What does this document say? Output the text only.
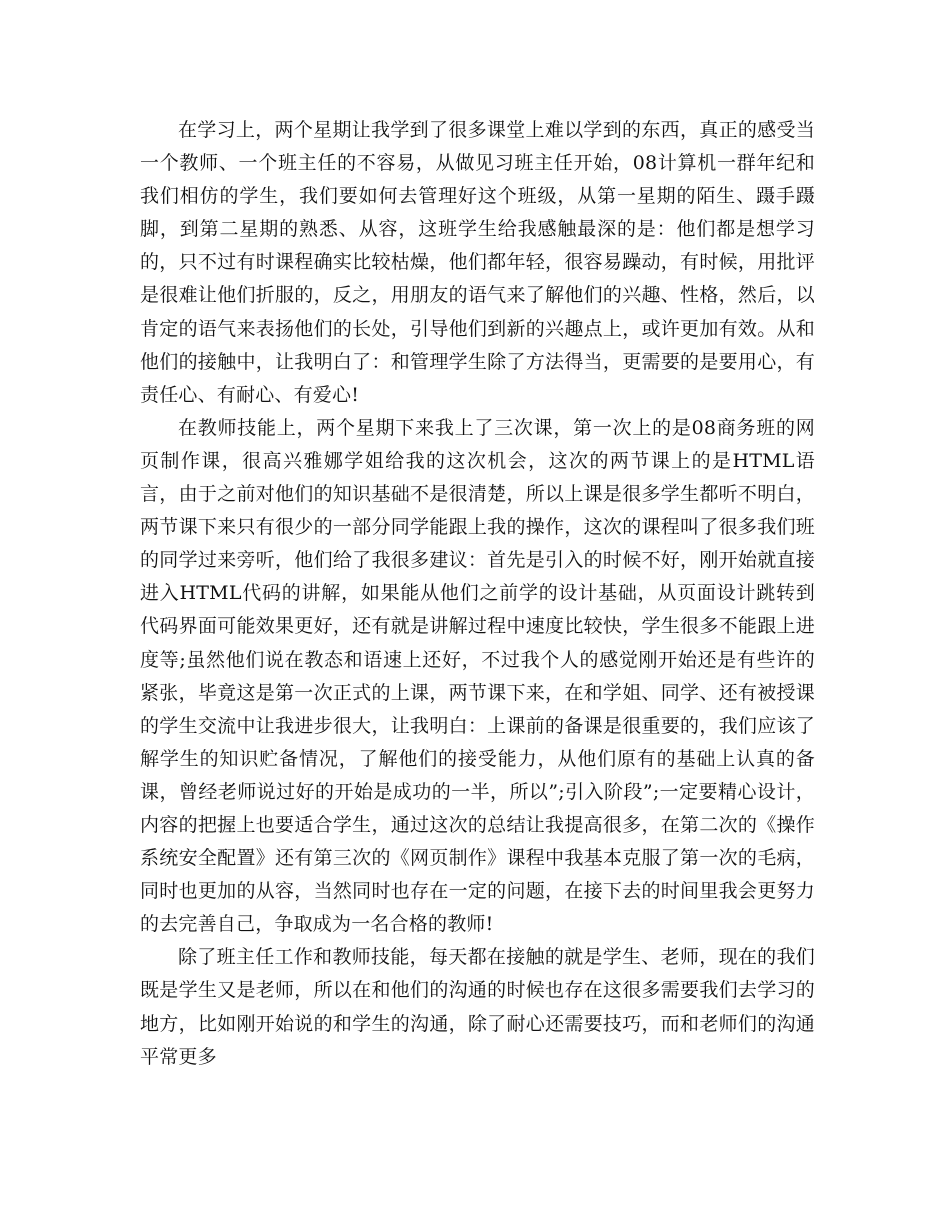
在学习上，两个星期让我学到了很多课堂上难以学到的东西，真正的感受当一个教师、一个班主任的不容易，从做见习班主任开始，08计算机一群年纪和我们相仿的学生，我们要如何去管理好这个班级，从第一星期的陌生、蹑手蹑脚，到第二星期的熟悉、从容，这班学生给我感触最深的是：他们都是想学习的，只不过有时课程确实比较枯燥，他们都年轻，很容易躁动，有时候，用批评是很难让他们折服的，反之，用朋友的语气来了解他们的兴趣、性格，然后，以肯定的语气来表扬他们的长处，引导他们到新的兴趣点上，或许更加有效。从和他们的接触中，让我明白了：和管理学生除了方法得当，更需要的是要用心，有责任心、有耐心、有爱心!

在教师技能上，两个星期下来我上了三次课，第一次上的是08商务班的网页制作课，很高兴雅娜学姐给我的这次机会，这次的两节课上的是HTML语言，由于之前对他们的知识基础不是很清楚，所以上课是很多学生都听不明白，两节课下来只有很少的一部分同学能跟上我的操作，这次的课程叫了很多我们班的同学过来旁听，他们给了我很多建议：首先是引入的时候不好，刚开始就直接进入HTML代码的讲解，如果能从他们之前学的设计基础，从页面设计跳转到代码界面可能效果更好，还有就是讲解过程中速度比较快，学生很多不能跟上进度等;虽然他们说在教态和语速上还好，不过我个人的感觉刚开始还是有些许的紧张，毕竟这是第一次正式的上课，两节课下来，在和学姐、同学、还有被授课的学生交流中让我进步很大，让我明白：上课前的备课是很重要的，我们应该了解学生的知识贮备情况，了解他们的接受能力，从他们原有的基础上认真的备课，曾经老师说过好的开始是成功的一半，所以”;引入阶段”;一定要精心设计，内容的把握上也要适合学生，通过这次的总结让我提高很多，在第二次的《操作系统安全配置》还有第三次的《网页制作》课程中我基本克服了第一次的毛病，同时也更加的从容，当然同时也存在一定的问题，在接下去的时间里我会更努力的去完善自己，争取成为一名合格的教师!

除了班主任工作和教师技能，每天都在接触的就是学生、老师，现在的我们既是学生又是老师，所以在和他们的沟通的时候也存在这很多需要我们去学习的地方，比如刚开始说的和学生的沟通，除了耐心还需要技巧，而和老师们的沟通平常更多
